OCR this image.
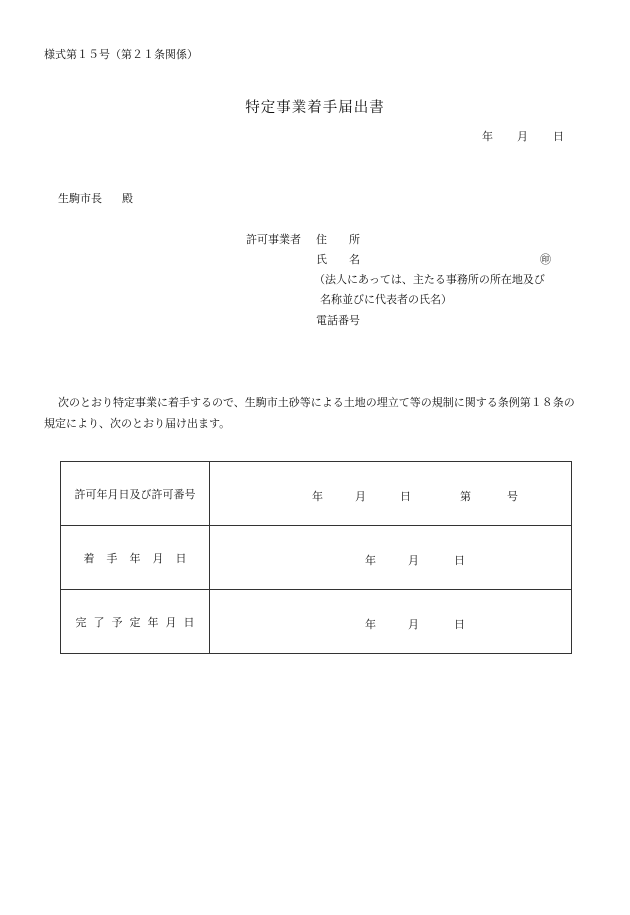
様式第１５号（第２１条関係）
特定事業着手届出書
年 月 日
生駒市長 殿
許可事業者 住　　所
氏　　名	㊞
（法人にあっては、主たる事務所の所在地及び
名称並びに代表者の氏名）
電話番号
次のとおり特定事業に着手するので、生駒市土砂等による土地の埋立て等の規制に関する条例第１８条の規定により、次のとおり届け出ます。
許可年月日及び許可番号	年 月 日 第 号

着手年月日	年 月 日

完了予定年月日	年 月 日
